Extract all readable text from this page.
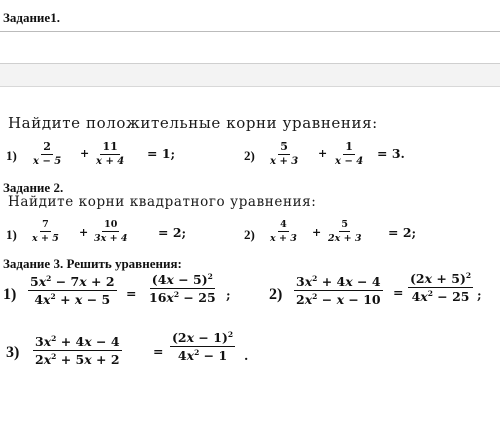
Задание1.
Найдите положительные корни уравнения:
$1) \frac{2}{x - 5} + \frac{11}{x + 4} = 1$;	$2) \frac{5}{x + 3} + \frac{1}{x - 4} = 3$.
Задание 2.
Найдите корни квадратного уравнения:
$1) \frac{7}{x + 5} + \frac{10}{3x + 4} = 2$;	$2) \frac{4}{x + 3} + \frac{5}{2x + 3} = 2$;
Задание 3. Решить уравнения:
$1) \frac{5x^2 - 7x + 2}{4x^2 + x - 5} = \frac{(4x - 5)^2}{16x^2 - 25}$ ; $2) \frac{3x^2 + 4x - 4}{2x^2 - x - 10} = \frac{(2x + 5)^2}{4x^2 - 25}$ ;
$3) \frac{3x^2 + 4x - 4}{2x^2 + 5x + 2}$	= $\frac{(2x - 1)^2}{4x^2 - 1}$ .
